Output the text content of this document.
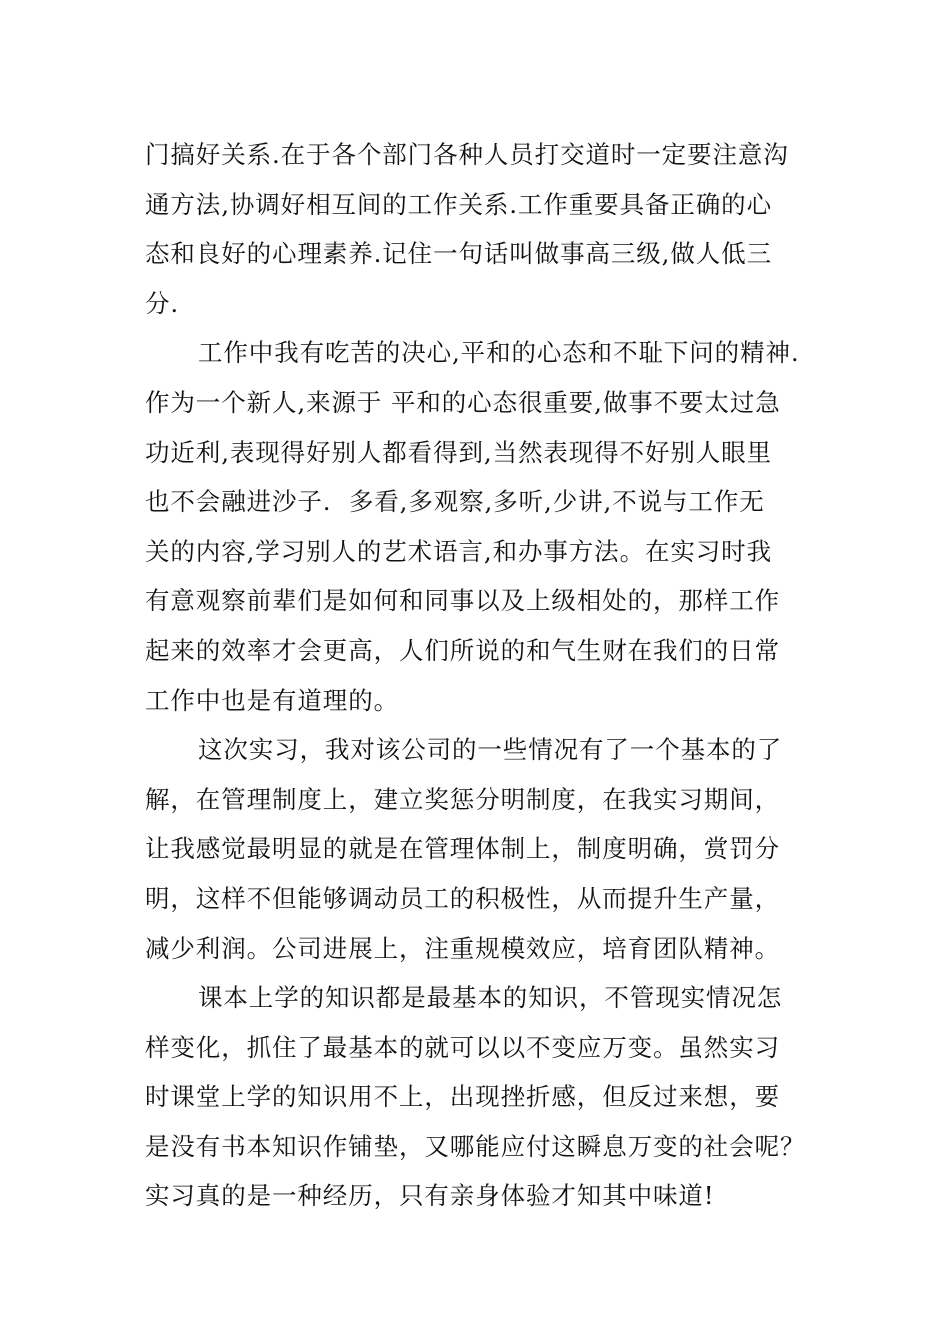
门搞好关系.在于各个部门各种人员打交道时一定要注意沟
通方法,协调好相互间的工作关系.工作重要具备正确的心
态和良好的心理素养.记住一句话叫做事高三级,做人低三
分.
工作中我有吃苦的决心,平和的心态和不耻下问的精神.
作为一个新人,来源于 平和的心态很重要,做事不要太过急
功近利,表现得好别人都看得到,当然表现得不好别人眼里
也不会融进沙子.  多看,多观察,多听,少讲,不说与工作无
关的内容,学习别人的艺术语言,和办事方法。在实习时我
有意观察前辈们是如何和同事以及上级相处的，那样工作
起来的效率才会更高，人们所说的和气生财在我们的日常
工作中也是有道理的。
这次实习，我对该公司的一些情况有了一个基本的了
解，在管理制度上，建立奖惩分明制度，在我实习期间，
让我感觉最明显的就是在管理体制上，制度明确，赏罚分
明，这样不但能够调动员工的积极性，从而提升生产量，
减少利润。公司进展上，注重规模效应，培育团队精神。
课本上学的知识都是最基本的知识，不管现实情况怎
样变化，抓住了最基本的就可以以不变应万变。虽然实习
时课堂上学的知识用不上，出现挫折感，但反过来想，要
是没有书本知识作铺垫，又哪能应付这瞬息万变的社会呢？
实习真的是一种经历，只有亲身体验才知其中味道!
